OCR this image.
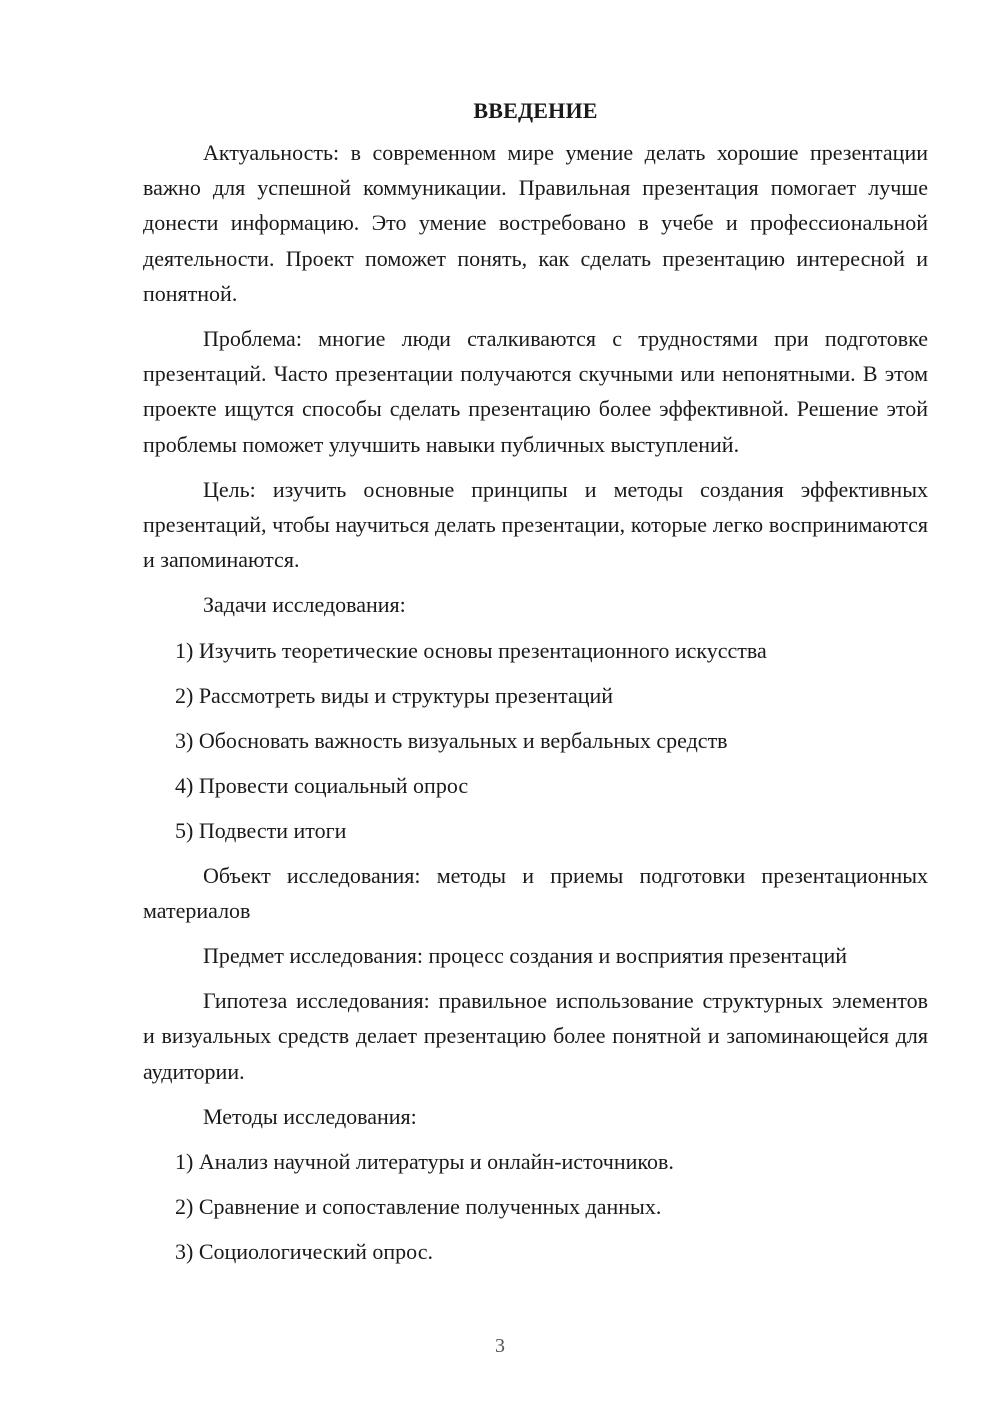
ВВЕДЕНИЕ

Актуальность: в современном мире умение делать хорошие презентации важно для успешной коммуникации. Правильная презентация помогает лучше донести информацию. Это умение востребовано в учебе и профессиональной деятельности. Проект поможет понять, как сделать презентацию интересной и понятной.

Проблема: многие люди сталкиваются с трудностями при подготовке презентаций. Часто презентации получаются скучными или непонятными. В этом проекте ищутся способы сделать презентацию более эффективной. Решение этой проблемы поможет улучшить навыки публичных выступлений.

Цель: изучить основные принципы и методы создания эффективных презентаций, чтобы научиться делать презентации, которые легко воспринимаются и запоминаются.

Задачи исследования:

1) Изучить теоретические основы презентационного искусства
2) Рассмотреть виды и структуры презентаций
3) Обосновать важность визуальных и вербальных средств
4) Провести социальный опрос
5) Подвести итоги

Объект исследования: методы и приемы подготовки презентационных материалов

Предмет исследования: процесс создания и восприятия презентаций

Гипотеза исследования: правильное использование структурных элементов и визуальных средств делает презентацию более понятной и запоминающейся для аудитории.

Методы исследования:

1) Анализ научной литературы и онлайн-источников.
2) Сравнение и сопоставление полученных данных.
3) Социологический опрос.
3
